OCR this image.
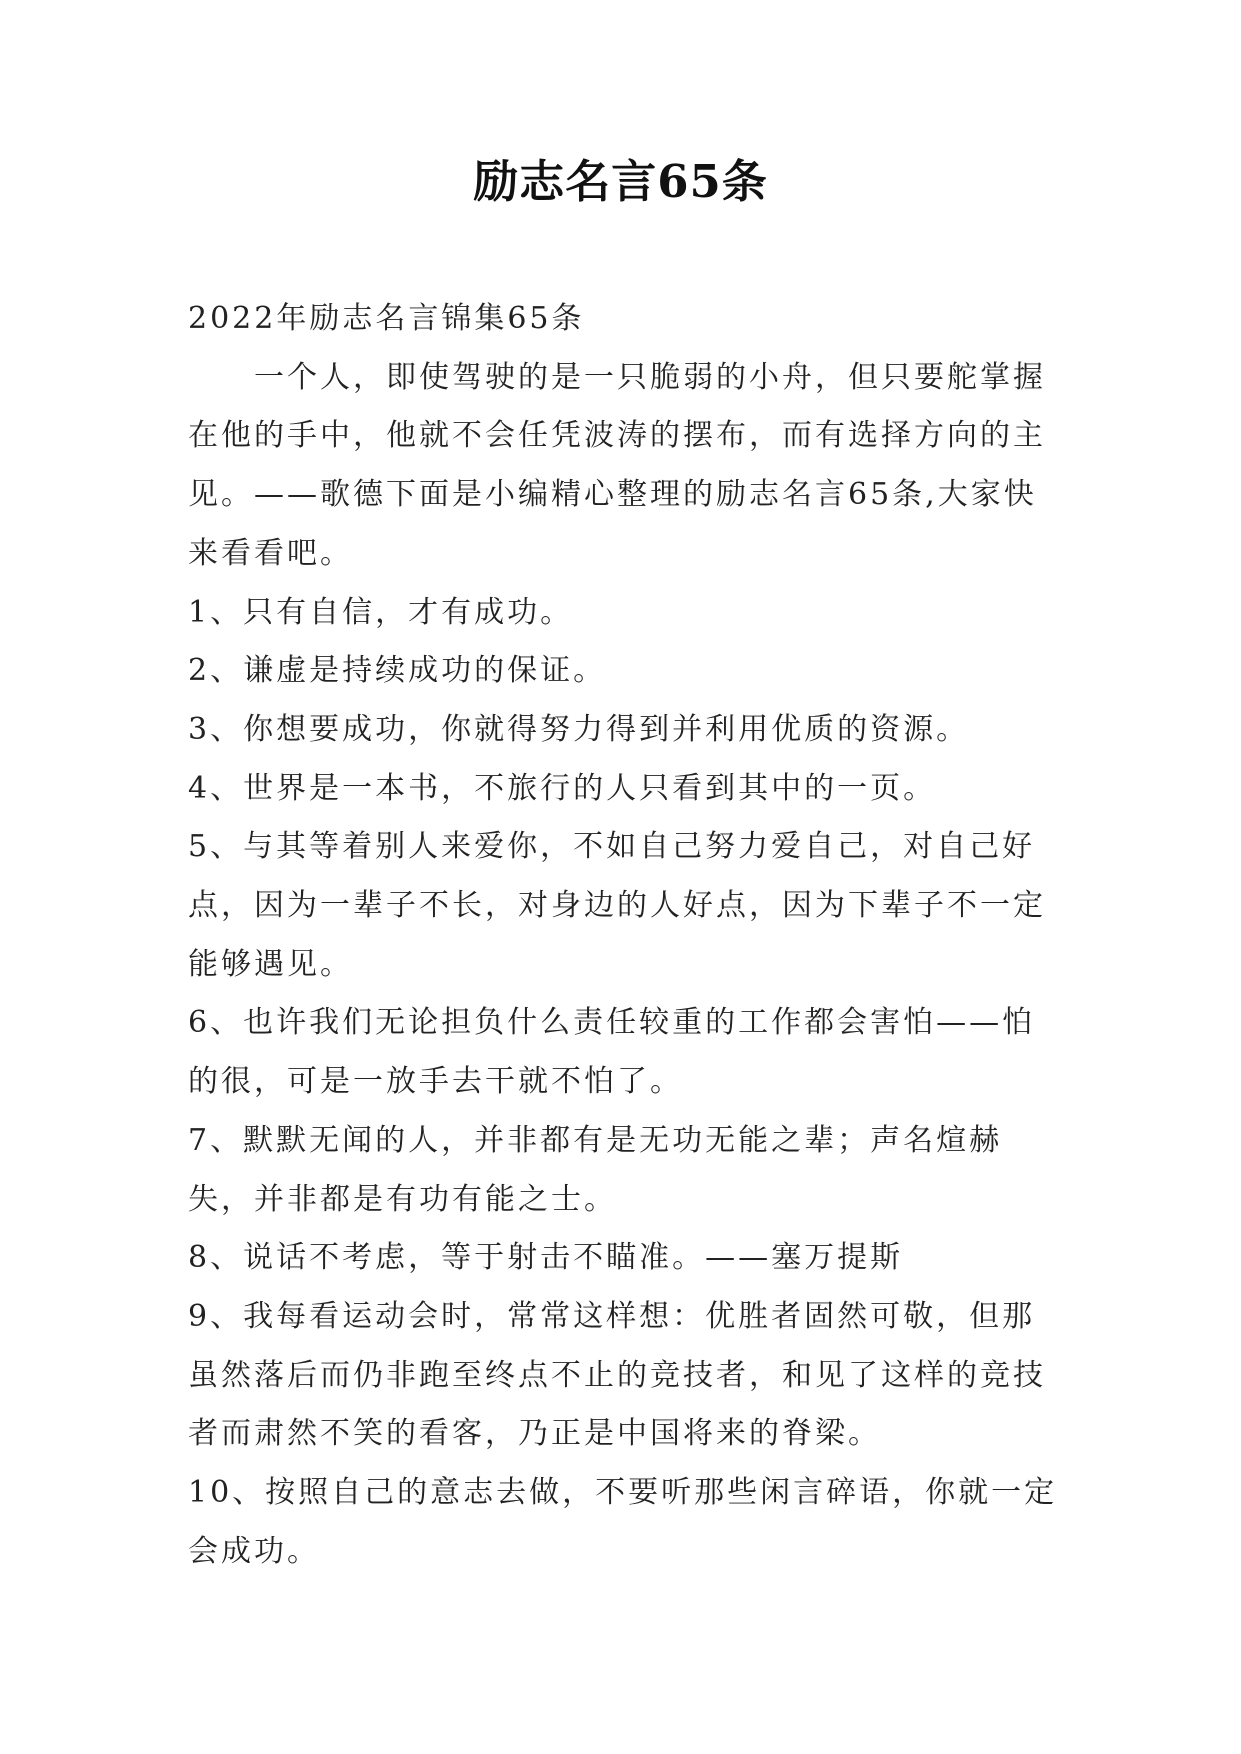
励志名言65条

2022年励志名言锦集65条

一个人，即使驾驶的是一只脆弱的小舟，但只要舵掌握在他的手中，他就不会任凭波涛的摆布，而有选择方向的主见。——歌德下面是小编精心整理的励志名言65条,大家快来看看吧。

1、只有自信，才有成功。

2、谦虚是持续成功的保证。

3、你想要成功，你就得努力得到并利用优质的资源。

4、世界是一本书，不旅行的人只看到其中的一页。

5、与其等着别人来爱你，不如自己努力爱自己，对自己好点，因为一辈子不长，对身边的人好点，因为下辈子不一定能够遇见。

6、也许我们无论担负什么责任较重的工作都会害怕——怕的很，可是一放手去干就不怕了。

7、默默无闻的人，并非都有是无功无能之辈；声名煊赫失，并非都是有功有能之士。

8、说话不考虑，等于射击不瞄准。——塞万提斯

9、我每看运动会时，常常这样想：优胜者固然可敬，但那虽然落后而仍非跑至终点不止的竞技者，和见了这样的竞技者而肃然不笑的看客，乃正是中国将来的脊梁。

10、按照自己的意志去做，不要听那些闲言碎语，你就一定会成功。
